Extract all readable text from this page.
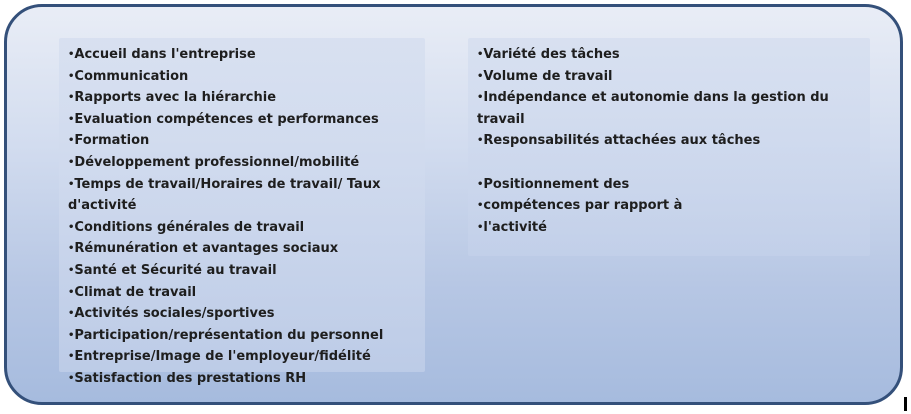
•Accueil dans l'entreprise
•Communication
•Rapports avec la hiérarchie
•Evaluation compétences et performances
•Formation
•Développement professionnel/mobilité
•Temps de travail/Horaires de travail/ Taux d'activité
•Conditions générales de travail
•Rémunération et avantages sociaux
•Santé et Sécurité au travail
•Climat de travail
•Activités sociales/sportives
•Participation/représentation du personnel
•Entreprise/Image de l'employeur/fidélité
•Satisfaction des prestations RH
•Variété des tâches
•Volume de travail
•Indépendance et autonomie dans la gestion du travail
•Responsabilités attachées aux tâches
•Positionnement des
•compétences par rapport à
•l'activité
